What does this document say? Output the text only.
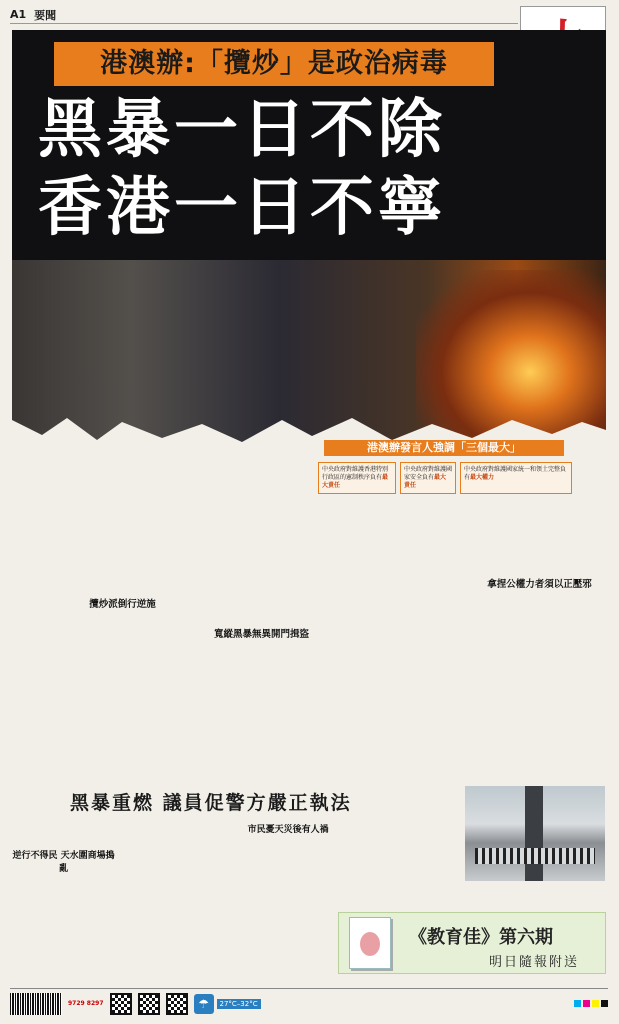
A1 要聞
港澳辦:「攬炒」是政治病毒
黑暴一日不除
香港一日不寧
港澳辦發言人強調「三個最大」
中央政府對維護香港特別行政區的憲制秩序負有最大責任
中央政府對維護國家安全負有最大責任
中央政府對維護國家統一和領土完整負有最大權力
攬炒派倒行逆施
寬縱黑暴無異開門揖盜
拿捏公權力者須以正壓邪
黑暴重燃 議員促警方嚴正執法
逆行不得民 天水圍商場搗亂
市民憂天災後有人禍
《教育佳》第六期
明日隨報附送
9729 8297	☂	27°C–32°C
